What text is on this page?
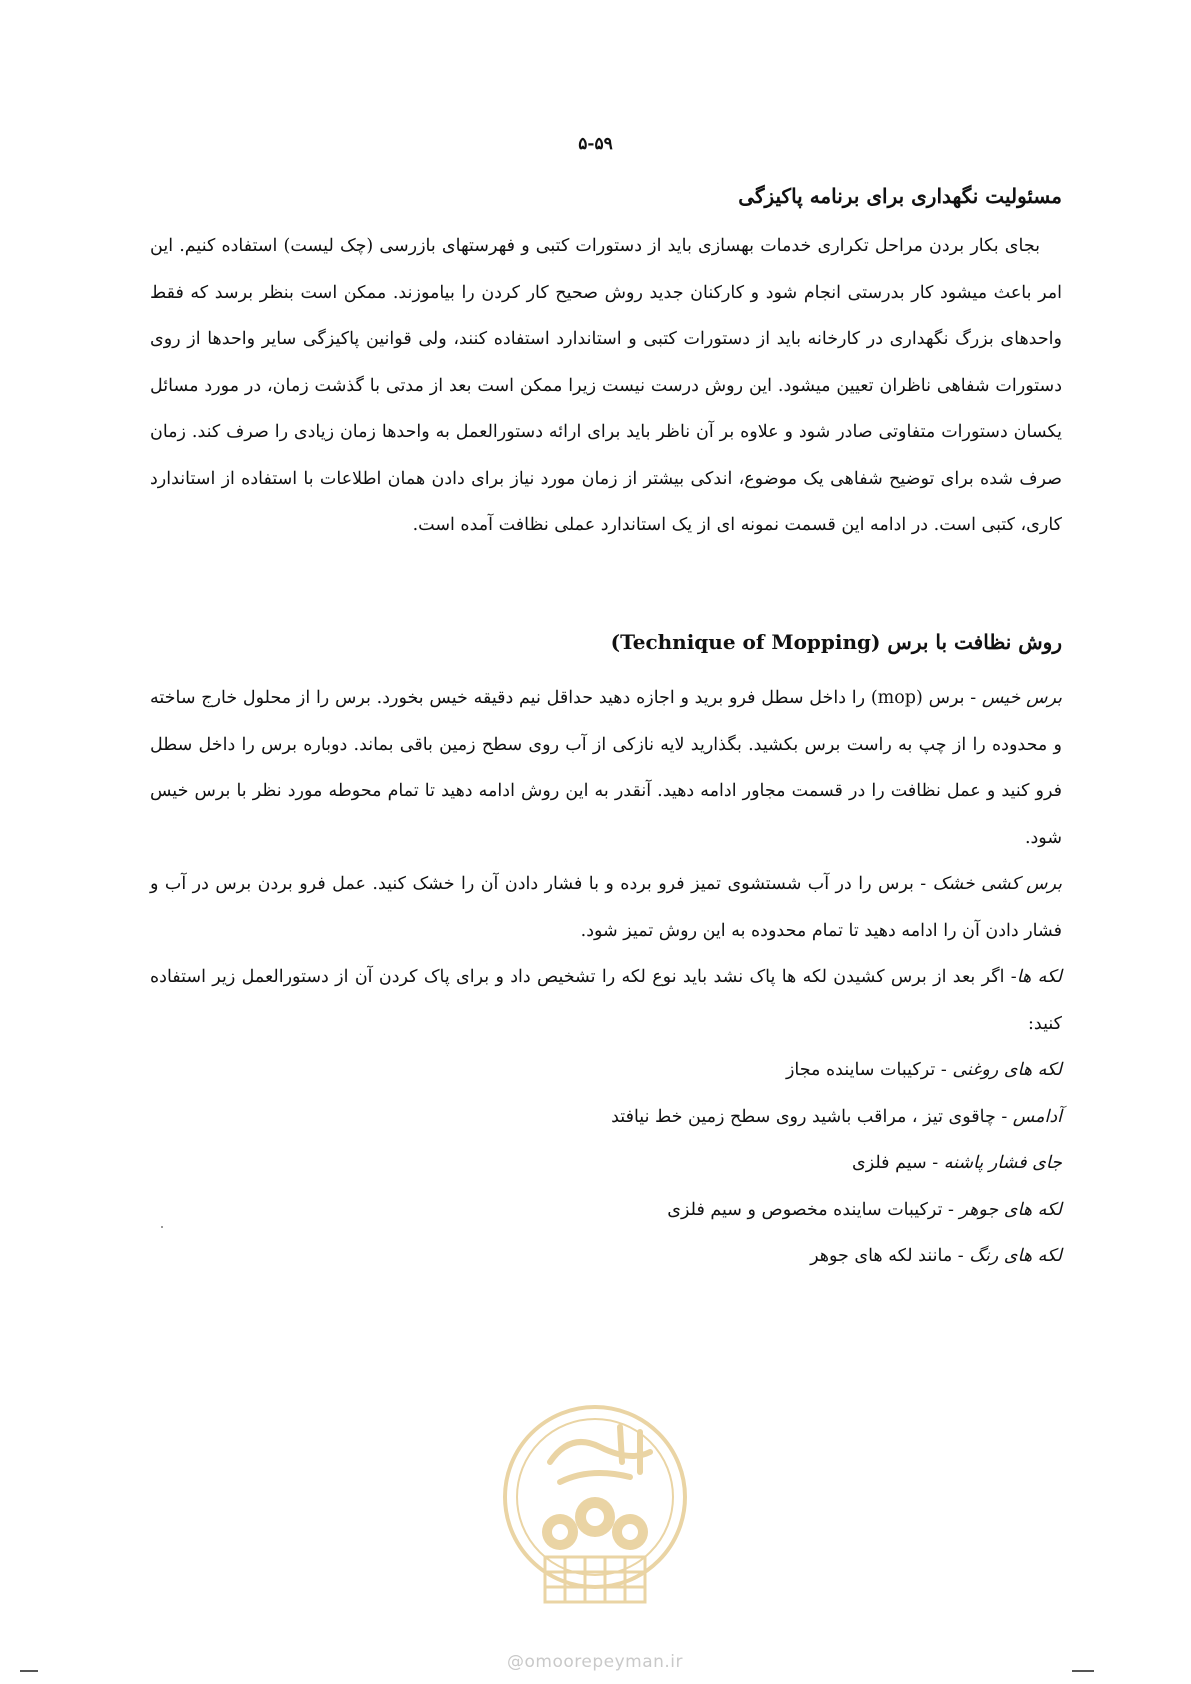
۵-۵۹
مسئولیت نگهداری برای برنامه پاکیزگی

بجای بکار بردن مراحل تکراری خدمات بهسازی باید از دستورات کتبی و فهرستهای بازرسی (چک لیست) استفاده کنیم. این امر باعث میشود کار بدرستی انجام شود و کارکنان جدید روش صحیح کار کردن را بیاموزند. ممکن است بنظر برسد که فقط واحدهای بزرگ نگهداری در کارخانه باید از دستورات کتبی و استاندارد استفاده کنند، ولی قوانین پاکیزگی سایر واحدها از روی دستورات شفاهی ناظران تعیین میشود. این روش درست نیست زیرا ممکن است بعد از مدتی با گذشت زمان، در مورد مسائل یکسان دستورات متفاوتی صادر شود و علاوه بر آن ناظر باید برای ارائه دستورالعمل به واحدها زمان زیادی را صرف کند. زمان صرف شده برای توضیح شفاهی یک موضوع، اندکی بیشتر از زمان مورد نیاز برای دادن همان اطلاعات با استفاده از استاندارد کاری، کتبی است. در ادامه این قسمت نمونه ای از یک استاندارد عملی نظافت آمده است.

روش نظافت با برس (Technique of Mopping)

برس خیس - برس (mop) را داخل سطل فرو برید و اجازه دهید حداقل نیم دقیقه خیس بخورد. برس را از محلول خارج ساخته و محدوده را از چپ به راست برس بکشید. بگذارید لایه نازکی از آب روی سطح زمین باقی بماند. دوباره برس را داخل سطل فرو کنید و عمل نظافت را در قسمت مجاور ادامه دهید. آنقدر به این روش ادامه دهید تا تمام محوطه مورد نظر با برس خیس شود.

برس کشی خشک - برس را در آب شستشوی تمیز فرو برده و با فشار دادن آن را خشک کنید. عمل فرو بردن برس در آب و فشار دادن آن را ادامه دهید تا تمام محدوده به این روش تمیز شود.

لکه ها- اگر بعد از برس کشیدن لکه ها پاک نشد باید نوع لکه را تشخیص داد و برای پاک کردن آن از دستورالعمل زیر استفاده کنید:

لکه های روغنی - ترکیبات ساینده مجاز

آدامس - چاقوی تیز ، مراقب باشید روی سطح زمین خط نیافتد

جای فشار پاشنه - سیم فلزی

لکه های جوهر - ترکیبات ساینده مخصوص و سیم فلزی

لکه های رنگ - مانند لکه های جوهر

@omoorepeyman.ir
